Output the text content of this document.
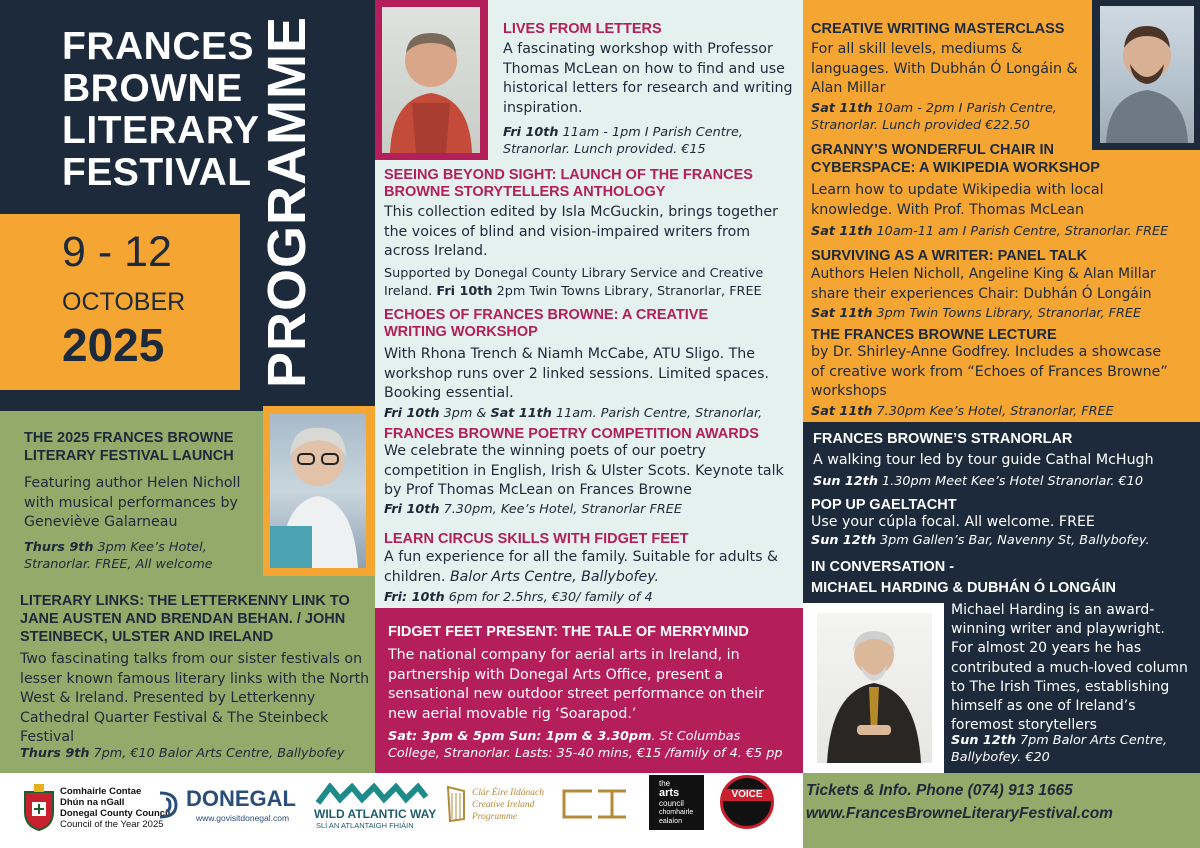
FRANCES
BROWNE
LITERARY
FESTIVAL
9 - 12
OCTOBER
2025 PROGRAMME
THE 2025 FRANCES BROWNE LITERARY FESTIVAL LAUNCH
Featuring author Helen Nicholl with musical performances by Geneviève Galarneau
Thurs 9th 3pm Kee’s Hotel, Stranorlar. FREE, All welcome
LITERARY LINKS: THE LETTERKENNY LINK TO JANE AUSTEN AND BRENDAN BEHAN. / JOHN STEINBECK, ULSTER AND IRELAND
Two fascinating talks from our sister festivals on lesser known famous literary links with the North West & Ireland. Presented by Letterkenny Cathedral Quarter Festival & The Steinbeck Festival
Thurs 9th 7pm, €10 Balor Arts Centre, Ballybofey
LIVES FROM LETTERS
A fascinating workshop with Professor Thomas McLean on how to find and use historical letters for research and writing inspiration.
Fri 10th 11am - 1pm I Parish Centre, Stranorlar. Lunch provided. €15
SEEING BEYOND SIGHT: LAUNCH OF THE FRANCES BROWNE STORYTELLERS ANTHOLOGY
This collection edited by Isla McGuckin, brings together the voices of blind and vision-impaired writers from across Ireland.
Supported by Donegal County Library Service and Creative Ireland. Fri 10th 2pm Twin Towns Library, Stranorlar, FREE
ECHOES OF FRANCES BROWNE: A CREATIVE WRITING WORKSHOP
With Rhona Trench & Niamh McCabe, ATU Sligo. The workshop runs over 2 linked sessions. Limited spaces. Booking essential.
Fri 10th 3pm & Sat 11th 11am. Parish Centre, Stranorlar,
FRANCES BROWNE POETRY COMPETITION AWARDS
We celebrate the winning poets of our poetry competition in English, Irish & Ulster Scots. Keynote talk by Prof Thomas McLean on Frances Browne
Fri 10th 7.30pm, Kee’s Hotel, Stranorlar FREE
LEARN CIRCUS SKILLS WITH FIDGET FEET
A fun experience for all the family. Suitable for adults & children. Balor Arts Centre, Ballybofey.
Fri: 10th 6pm for 2.5hrs, €30/ family of 4
FIDGET FEET PRESENT: THE TALE OF MERRYMIND
The national company for aerial arts in Ireland, in partnership with Donegal Arts Office, present a sensational new outdoor street performance on their new aerial movable rig ‘Soarapod.’
Sat: 3pm & 5pm Sun: 1pm & 3.30pm. St Columbas College, Stranorlar. Lasts: 35-40 mins, €15 /family of 4. €5 pp
CREATIVE WRITING MASTERCLASS
For all skill levels, mediums & languages. With Dubhán Ó Longáin & Alan Millar
Sat 11th 10am - 2pm I Parish Centre, Stranorlar. Lunch provided €22.50
GRANNY’S WONDERFUL CHAIR IN CYBERSPACE: A WIKIPEDIA WORKSHOP
Learn how to update Wikipedia with local knowledge. With Prof. Thomas McLean
Sat 11th 10am-11 am I Parish Centre, Stranorlar. FREE
SURVIVING AS A WRITER: PANEL TALK
Authors Helen Nicholl, Angeline King & Alan Millar share their experiences Chair: Dubhán Ó Longáin
Sat 11th 3pm Twin Towns Library, Stranorlar, FREE
THE FRANCES BROWNE LECTURE
by Dr. Shirley-Anne Godfrey. Includes a showcase of creative work from “Echoes of Frances Browne” workshops
Sat 11th 7.30pm Kee’s Hotel, Stranorlar, FREE
FRANCES BROWNE’S STRANORLAR
A walking tour led by tour guide Cathal McHugh
Sun 12th 1.30pm Meet Kee’s Hotel Stranorlar. €10
POP UP GAELTACHT
Use your cúpla focal. All welcome. FREE
Sun 12th 3pm Gallen’s Bar, Navenny St, Ballybofey.
IN CONVERSATION -
MICHAEL HARDING & DUBHÁN Ó LONGÁIN
Michael Harding is an award-winning writer and playwright. For almost 20 years he has contributed a much-loved column to The Irish Times, establishing himself as one of Ireland’s foremost storytellers
Sun 12th 7pm Balor Arts Centre, Ballybofey. €20
Comhairle Contae
Dhún na nGall
Donegal County Council
Council of the Year 2025
DONEGAL
www.govisitdonegal.com WILD ATLANTIC WAY
SLÍ AN ATLANTAIGH FHIÁIN
Clár Éire Ildánach
Creative Ireland
Programme
the
arts
council
chomhairle
ealaíon
VOICE	Tickets & Info. Phone (074) 913 1665
www.FrancesBrowneLiteraryFestival.com
